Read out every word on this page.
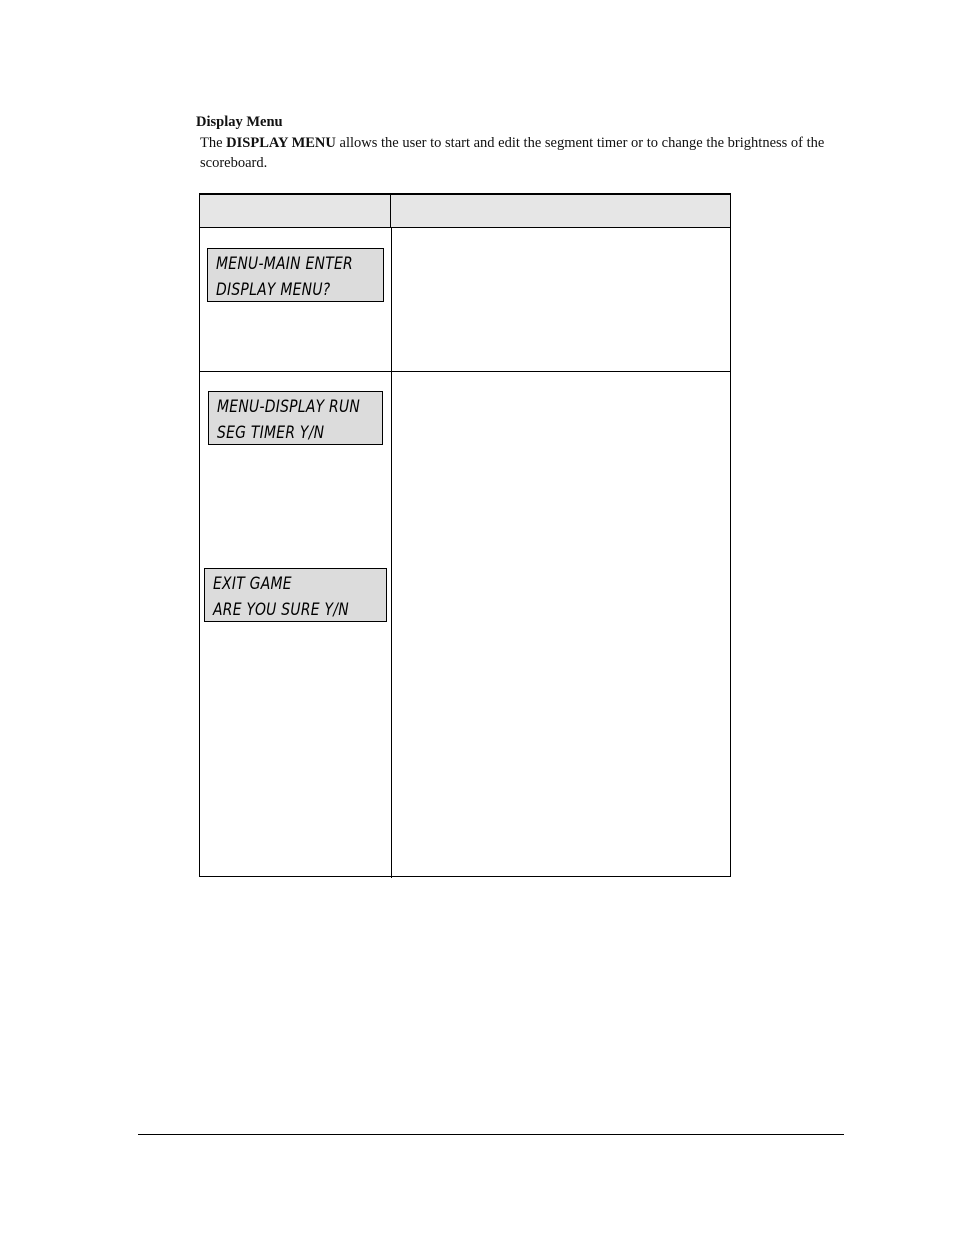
Display Menu
The DISPLAY MENU allows the user to start and edit the segment timer or to change the brightness of the scoreboard.
MENU-MAIN ENTER
DISPLAY MENU?
MENU-DISPLAY RUN
SEG TIMER Y/N
EXIT GAME
ARE YOU SURE Y/N
